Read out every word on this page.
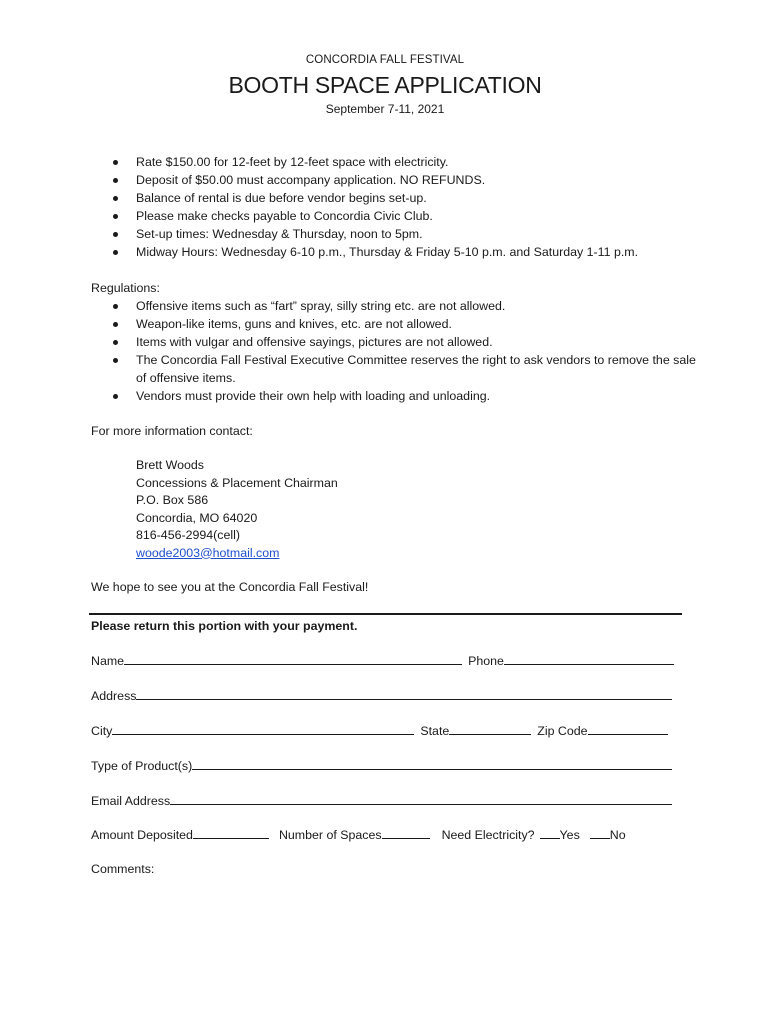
CONCORDIA FALL FESTIVAL
BOOTH SPACE APPLICATION
September 7-11, 2021
Rate $150.00 for 12-feet by 12-feet space with electricity.
Deposit of $50.00 must accompany application. NO REFUNDS.
Balance of rental is due before vendor begins set-up.
Please make checks payable to Concordia Civic Club.
Set-up times: Wednesday & Thursday, noon to 5pm.
Midway Hours: Wednesday 6-10 p.m., Thursday & Friday 5-10 p.m. and Saturday 1-11 p.m.
Regulations:
Offensive items such as “fart” spray, silly string etc. are not allowed.
Weapon-like items, guns and knives, etc. are not allowed.
Items with vulgar and offensive sayings, pictures are not allowed.
The Concordia Fall Festival Executive Committee reserves the right to ask vendors to remove the sale of offensive items.
Vendors must provide their own help with loading and unloading.
For more information contact:
Brett Woods
Concessions & Placement Chairman
P.O. Box 586
Concordia, MO 64020
816-456-2994(cell)
woode2003@hotmail.com
We hope to see you at the Concordia Fall Festival!
Please return this portion with your payment.
Name	Phone
Address
City	State	Zip Code
Type of Product(s)
Email Address
Amount Deposited	Number of Spaces	Need Electricity? Yes No
Comments:
